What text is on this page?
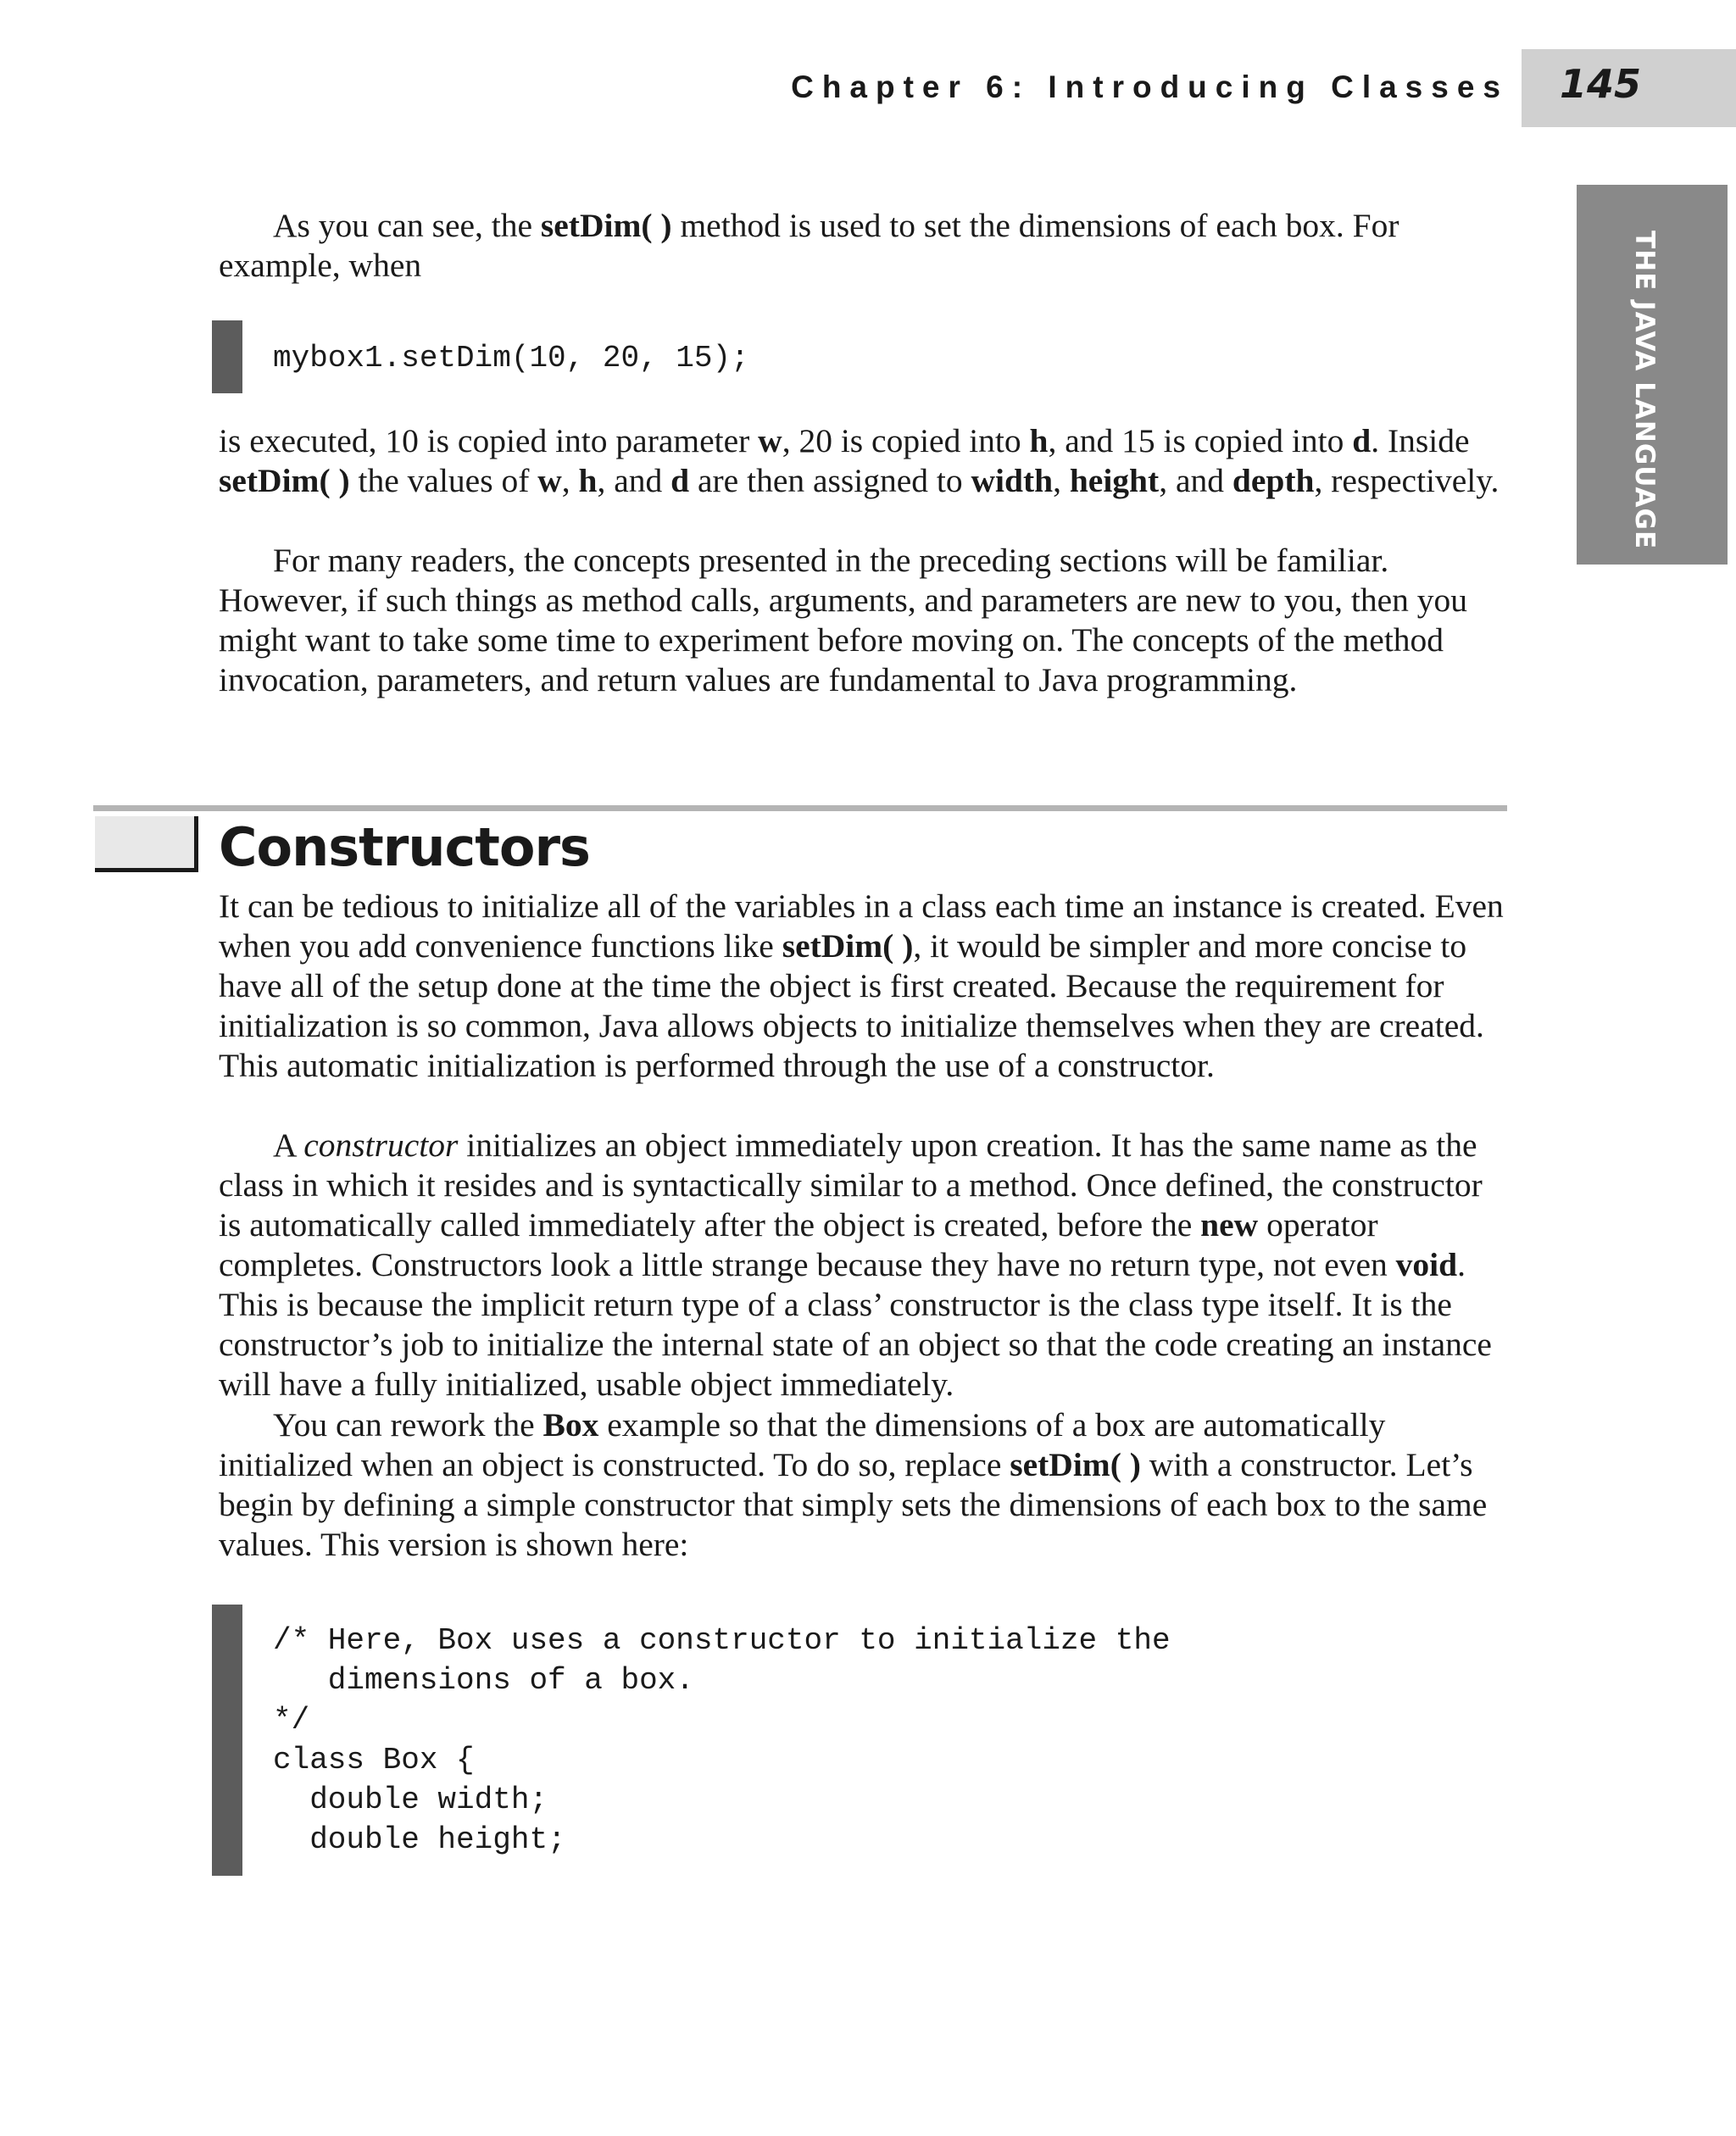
Chapter 6: Introducing Classes 145
THE JAVA LANGUAGE

As you can see, the setDim( ) method is used to set the dimensions of each box. For example, when

mybox1.setDim(10, 20, 15);

is executed, 10 is copied into parameter w, 20 is copied into h, and 15 is copied into d. Inside setDim( ) the values of w, h, and d are then assigned to width, height, and depth, respectively.

For many readers, the concepts presented in the preceding sections will be familiar. However, if such things as method calls, arguments, and parameters are new to you, then you might want to take some time to experiment before moving on. The concepts of the method invocation, parameters, and return values are fundamental to Java programming.

Constructors

It can be tedious to initialize all of the variables in a class each time an instance is created. Even when you add convenience functions like setDim( ), it would be simpler and more concise to have all of the setup done at the time the object is first created. Because the requirement for initialization is so common, Java allows objects to initialize themselves when they are created. This automatic initialization is performed through the use of a constructor.

A constructor initializes an object immediately upon creation. It has the same name as the class in which it resides and is syntactically similar to a method. Once defined, the constructor is automatically called immediately after the object is created, before the new operator completes. Constructors look a little strange because they have no return type, not even void. This is because the implicit return type of a class’ constructor is the class type itself. It is the constructor’s job to initialize the internal state of an object so that the code creating an instance will have a fully initialized, usable object immediately.

You can rework the Box example so that the dimensions of a box are automatically initialized when an object is constructed. To do so, replace setDim( ) with a constructor. Let’s begin by defining a simple constructor that simply sets the dimensions of each box to the same values. This version is shown here:

/* Here, Box uses a constructor to initialize the
dimensions of a box.
*/
class Box {
double width;
double height;
